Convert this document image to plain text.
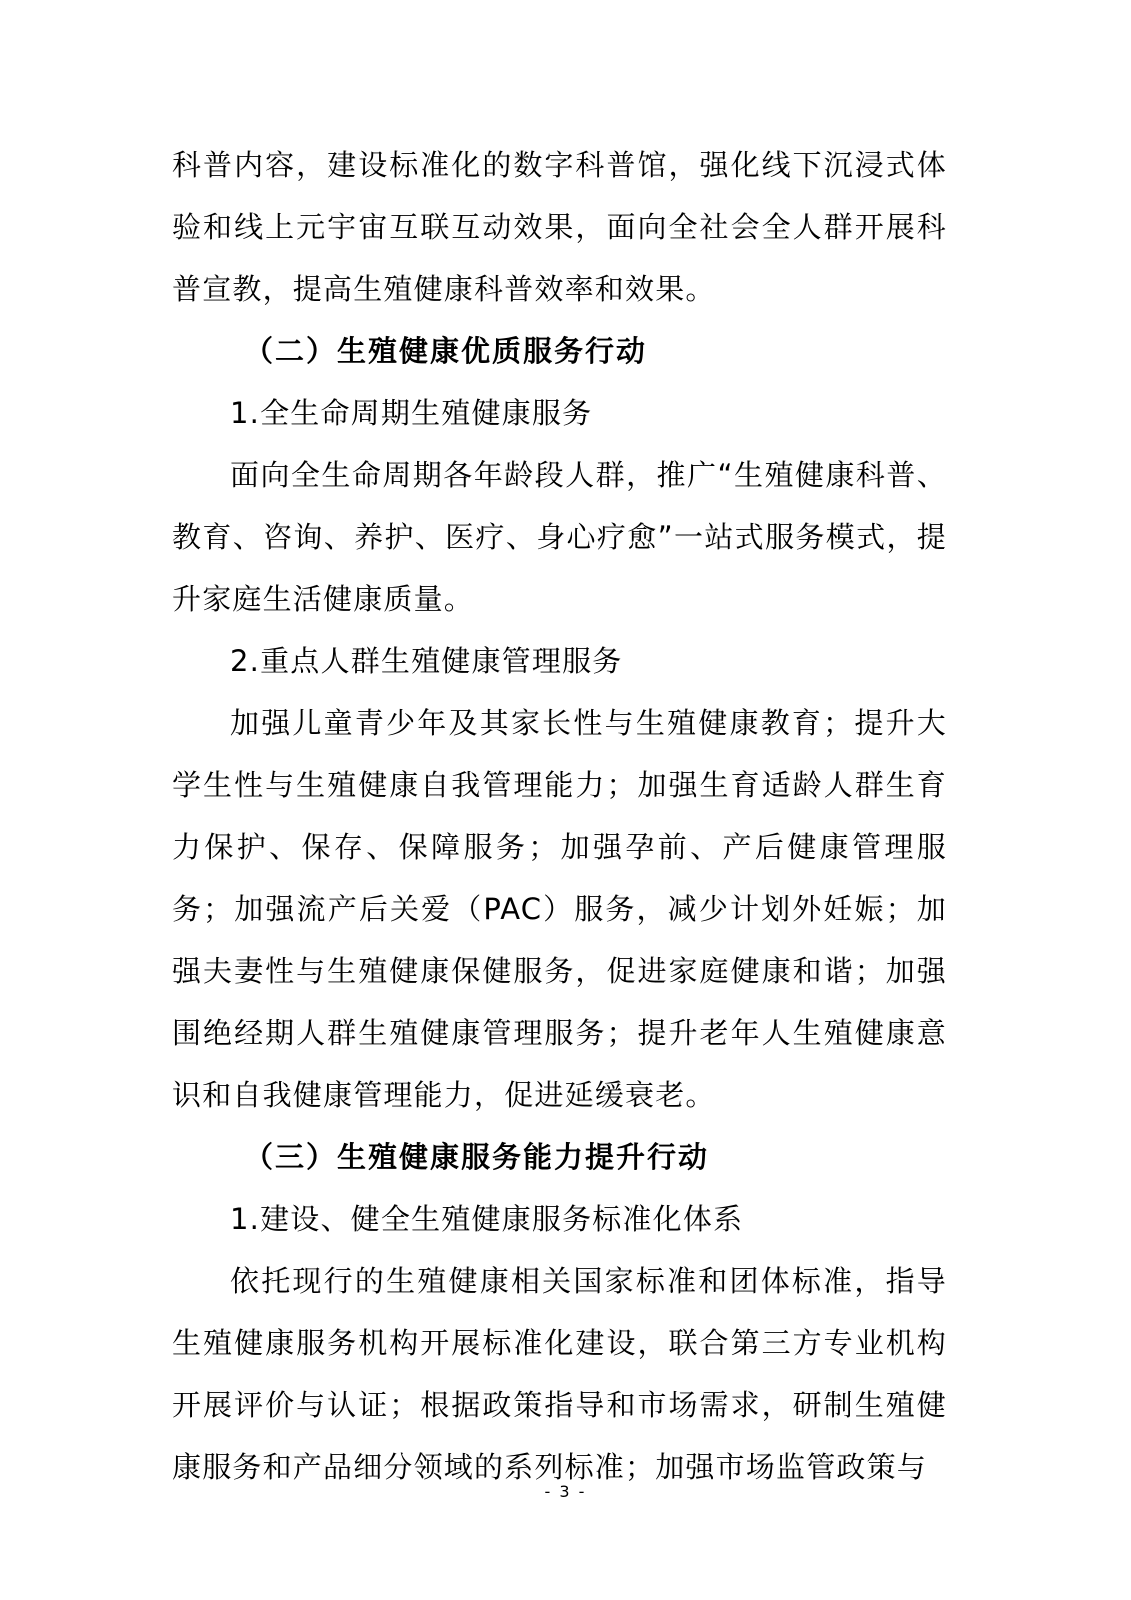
科普内容，建设标准化的数字科普馆，强化线下沉浸式体验和线上元宇宙互联互动效果，面向全社会全人群开展科普宣教，提高生殖健康科普效率和效果。

（二）生殖健康优质服务行动

1.全生命周期生殖健康服务

面向全生命周期各年龄段人群，推广“生殖健康科普、教育、咨询、养护、医疗、身心疗愈”一站式服务模式，提升家庭生活健康质量。

2.重点人群生殖健康管理服务

加强儿童青少年及其家长性与生殖健康教育；提升大学生性与生殖健康自我管理能力；加强生育适龄人群生育力保护、保存、保障服务；加强孕前、产后健康管理服务；加强流产后关爱（PAC）服务，减少计划外妊娠；加强夫妻性与生殖健康保健服务，促进家庭健康和谐；加强围绝经期人群生殖健康管理服务；提升老年人生殖健康意识和自我健康管理能力，促进延缓衰老。

（三）生殖健康服务能力提升行动

1.建设、健全生殖健康服务标准化体系

依托现行的生殖健康相关国家标准和团体标准，指导生殖健康服务机构开展标准化建设，联合第三方专业机构开展评价与认证；根据政策指导和市场需求，研制生殖健康服务和产品细分领域的系列标准；加强市场监管政策与

- 3 -
